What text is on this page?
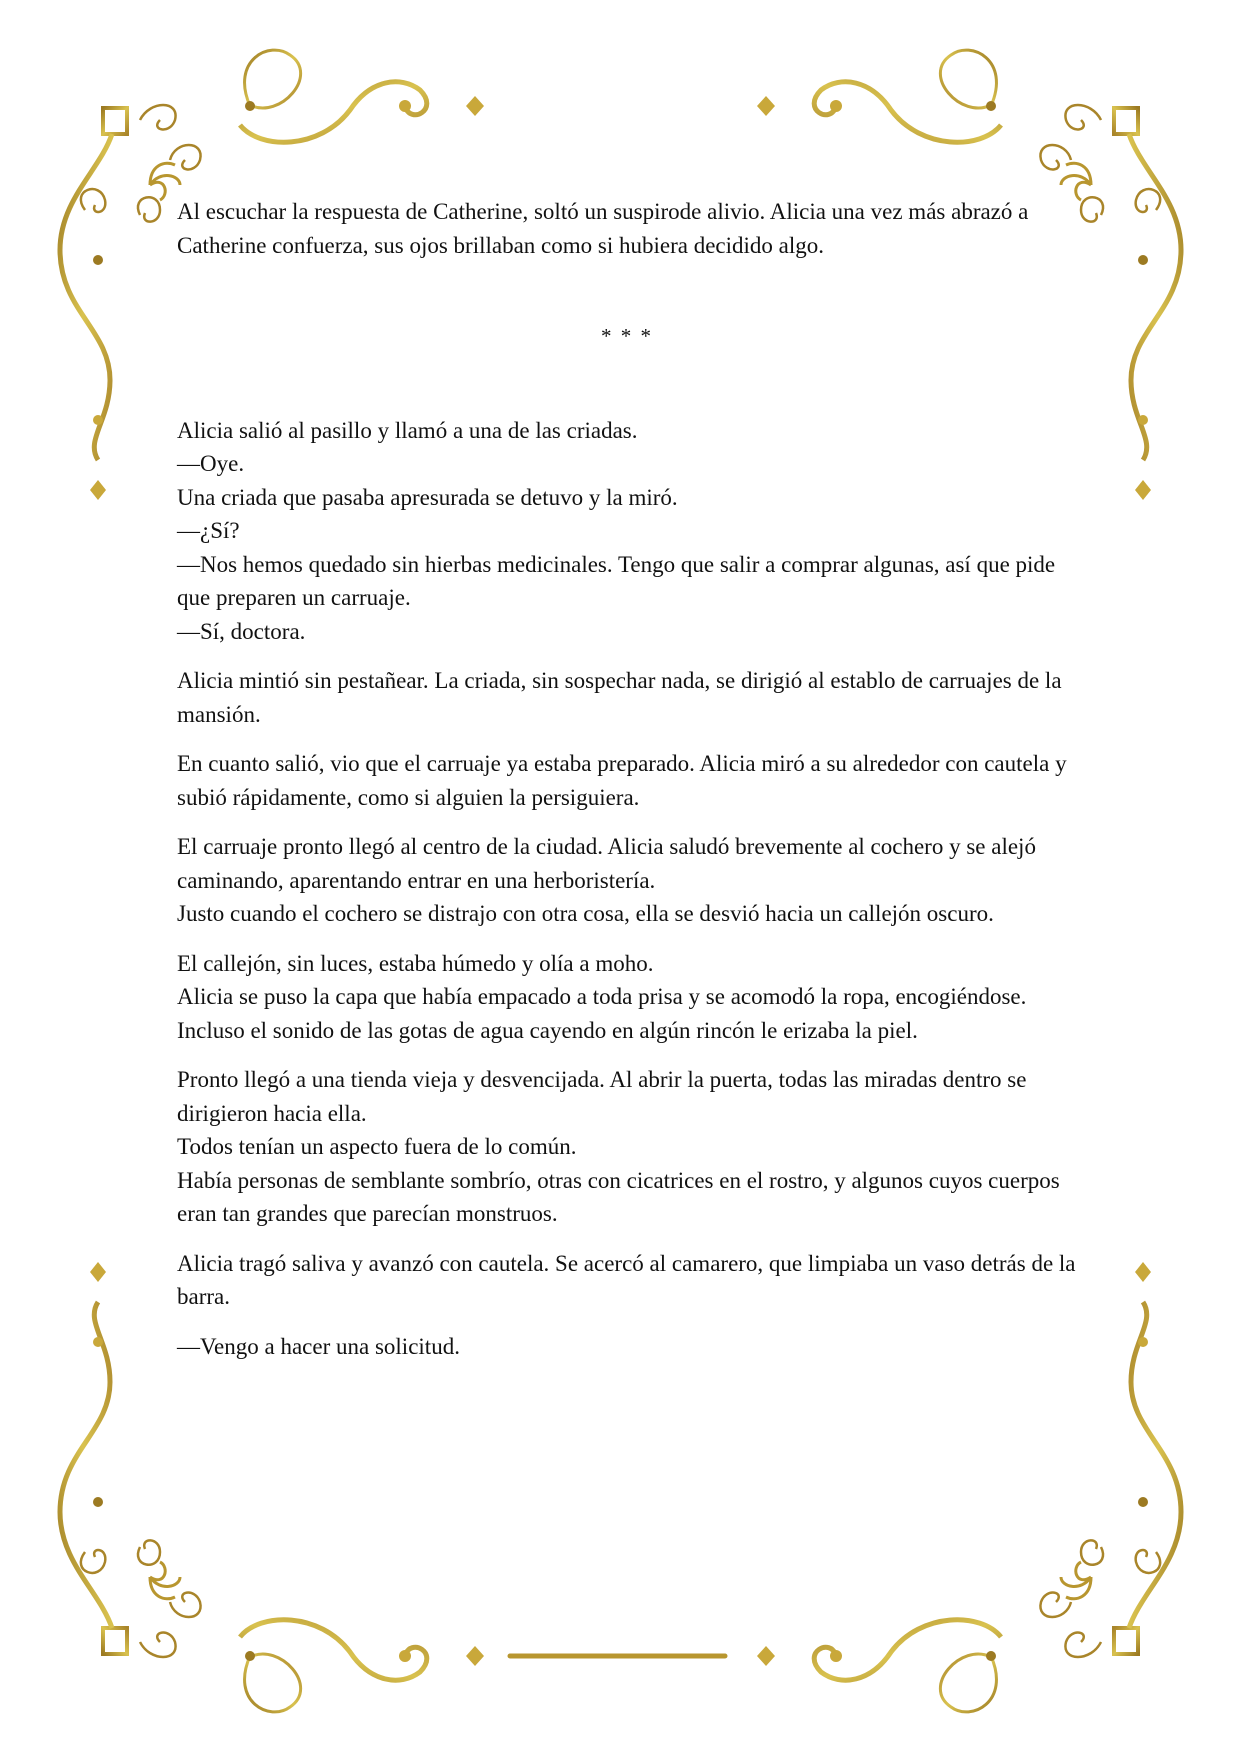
Al escuchar la respuesta de Catherine, soltó un suspirode alivio. Alicia una vez más abrazó a Catherine confuerza, sus ojos brillaban como si hubiera decidido algo.

* * *

Alicia salió al pasillo y llamó a una de las criadas.
—Oye.
Una criada que pasaba apresurada se detuvo y la miró.
—¿Sí?
—Nos hemos quedado sin hierbas medicinales. Tengo que salir a comprar algunas, así que pide que preparen un carruaje.
—Sí, doctora.

Alicia mintió sin pestañear. La criada, sin sospechar nada, se dirigió al establo de carruajes de la mansión.

En cuanto salió, vio que el carruaje ya estaba preparado. Alicia miró a su alrededor con cautela y subió rápidamente, como si alguien la persiguiera.

El carruaje pronto llegó al centro de la ciudad. Alicia saludó brevemente al cochero y se alejó caminando, aparentando entrar en una herboristería.
Justo cuando el cochero se distrajo con otra cosa, ella se desvió hacia un callejón oscuro.

El callejón, sin luces, estaba húmedo y olía a moho.
Alicia se puso la capa que había empacado a toda prisa y se acomodó la ropa, encogiéndose.
Incluso el sonido de las gotas de agua cayendo en algún rincón le erizaba la piel.

Pronto llegó a una tienda vieja y desvencijada. Al abrir la puerta, todas las miradas dentro se dirigieron hacia ella.
Todos tenían un aspecto fuera de lo común.
Había personas de semblante sombrío, otras con cicatrices en el rostro, y algunos cuyos cuerpos eran tan grandes que parecían monstruos.

Alicia tragó saliva y avanzó con cautela. Se acercó al camarero, que limpiaba un vaso detrás de la barra.

—Vengo a hacer una solicitud.
